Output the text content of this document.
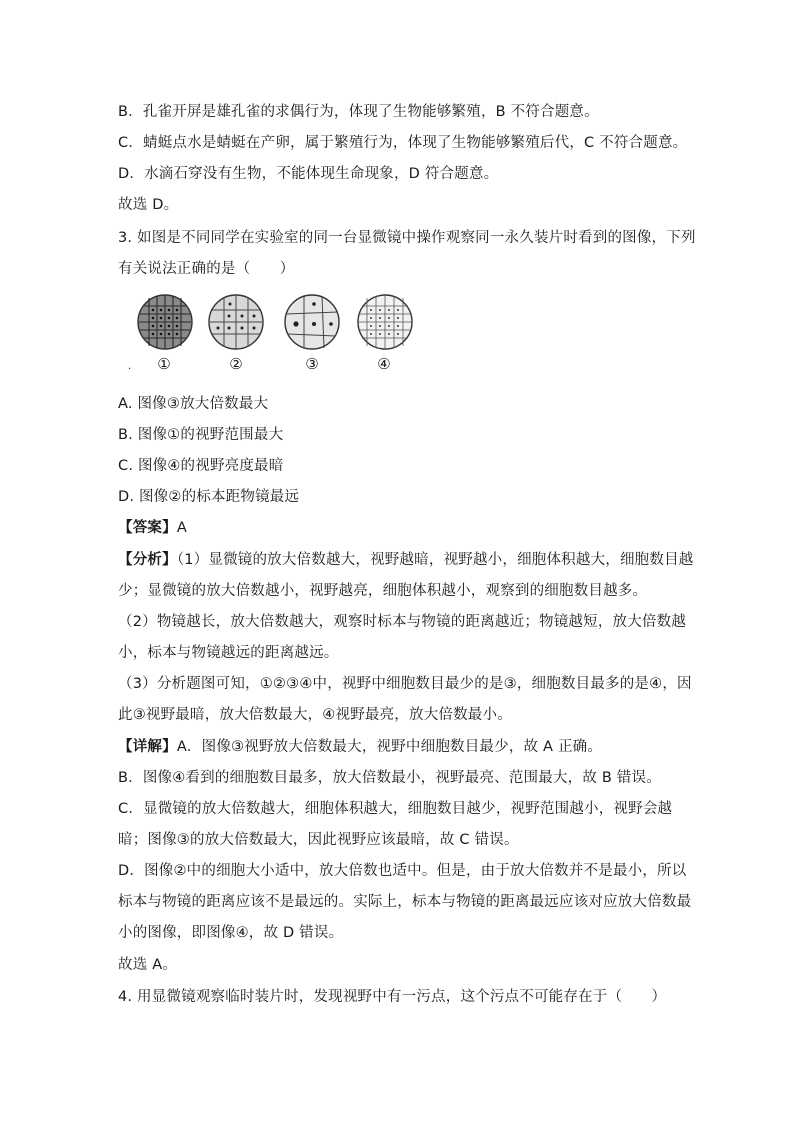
B．孔雀开屏是雄孔雀的求偶行为，体现了生物能够繁殖，B 不符合题意。
C．蜻蜓点水是蜻蜓在产卵，属于繁殖行为，体现了生物能够繁殖后代，C 不符合题意。
D．水滴石穿没有生物，不能体现生命现象，D 符合题意。
故选 D。
3. 如图是不同同学在实验室的同一台显微镜中操作观察同一永久装片时看到的图像，下列
有关说法正确的是（　　）
·	①	②	③	④
A. 图像③放大倍数最大
B. 图像①的视野范围最大
C. 图像④的视野亮度最暗
D. 图像②的标本距物镜最远
【答案】A
【分析】（1）显微镜的放大倍数越大，视野越暗，视野越小，细胞体积越大，细胞数目越
少；显微镜的放大倍数越小，视野越亮，细胞体积越小，观察到的细胞数目越多。
（2）物镜越长，放大倍数越大，观察时标本与物镜的距离越近；物镜越短，放大倍数越
小，标本与物镜越远的距离越远。
（3）分析题图可知，①②③④中，视野中细胞数目最少的是③，细胞数目最多的是④，因
此③视野最暗，放大倍数最大，④视野最亮，放大倍数最小。
【详解】A．图像③视野放大倍数最大，视野中细胞数目最少，故 A 正确。
B．图像④看到的细胞数目最多，放大倍数最小，视野最亮、范围最大，故 B 错误。
C．显微镜的放大倍数越大，细胞体积越大，细胞数目越少，视野范围越小，视野会越
暗；图像③的放大倍数最大，因此视野应该最暗，故 C 错误。
D．图像②中的细胞大小适中，放大倍数也适中。但是，由于放大倍数并不是最小，所以
标本与物镜的距离应该不是最远的。实际上，标本与物镜的距离最远应该对应放大倍数最
小的图像，即图像④，故 D 错误。
故选 A。
4. 用显微镜观察临时装片时，发现视野中有一污点，这个污点不可能存在于（　　）
